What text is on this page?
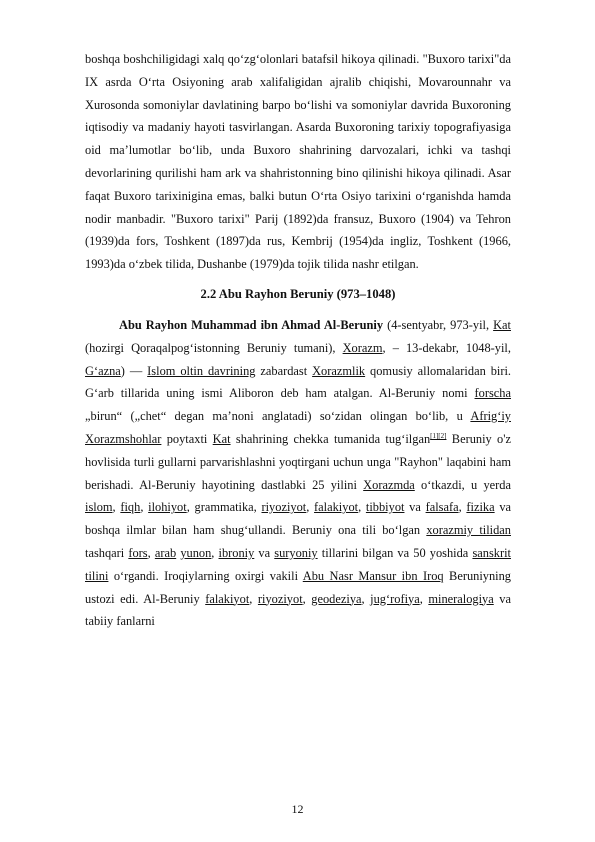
boshqa boshchiligidagi xalq qo‘zg‘olonlari batafsil hikoya qilinadi. "Buxoro tarixi"da IX asrda O‘rta Osiyoning arab xalifaligidan ajralib chiqishi, Movarounnahr va Xurosonda somoniylar davlatining barpo bo‘lishi va somoniylar davrida Buxoroning iqtisodiy va madaniy hayoti tasvirlangan. Asarda Buxoroning tarixiy topografiyasiga oid ma’lumotlar bo‘lib, unda Buxoro shahrining darvozalari, ichki va tashqi devorlarining qurilishi ham ark va shahristonning bino qilinishi hikoya qilinadi. Asar faqat Buxoro tarixinigina emas, balki butun O‘rta Osiyo tarixini o‘rganishda hamda nodir manbadir. "Buxoro tarixi" Parij (1892)da fransuz, Buxoro (1904) va Tehron (1939)da fors, Toshkent (1897)da rus, Kembrij (1954)da ingliz, Toshkent (1966, 1993)da o‘zbek tilida, Dushanbe (1979)da tojik tilida nashr etilgan.

2.2 Abu Rayhon Beruniy (973–1048)

Abu Rayhon Muhammad ibn Ahmad Al-Beruniy (4-sentyabr, 973-yil, Kat (hozirgi Qoraqalpog‘istonning Beruniy tumani), Xorazm, – 13-dekabr, 1048-yil, G‘azna) — Islom oltin davrining zabardast Xorazmlik qomusiy allomalaridan biri. G‘arb tillarida uning ismi Aliboron deb ham atalgan. Al-Beruniy nomi forscha „birun“ („chet“ degan ma’noni anglatadi) so‘zidan olingan bo‘lib, u Afrig‘iy Xorazmshohlar poytaxti Kat shahrining chekka tumanida tug‘ilgan[1][2] Beruniy o'z hovlisida turli gullarni parvarishlashni yoqtirgani uchun unga "Rayhon" laqabini ham berishadi. Al-Beruniy hayotining dastlabki 25 yilini Xorazmda o‘tkazdi, u yerda islom, fiqh, ilohiyot, grammatika, riyoziyot, falakiyot, tibbiyot va falsafa, fizika va boshqa ilmlar bilan ham shug‘ullandi. Beruniy ona tili bo‘lgan xorazmiy tilidan tashqari fors, arab yunon, ibroniy va suryoniy tillarini bilgan va 50 yoshida sanskrit tilini o‘rgandi. Iroqiylarning oxirgi vakili Abu Nasr Mansur ibn Iroq Beruniyning ustozi edi. Al-Beruniy falakiyot, riyoziyot, geodeziya, jug‘rofiya, mineralogiya va tabiiy fanlarni

12
